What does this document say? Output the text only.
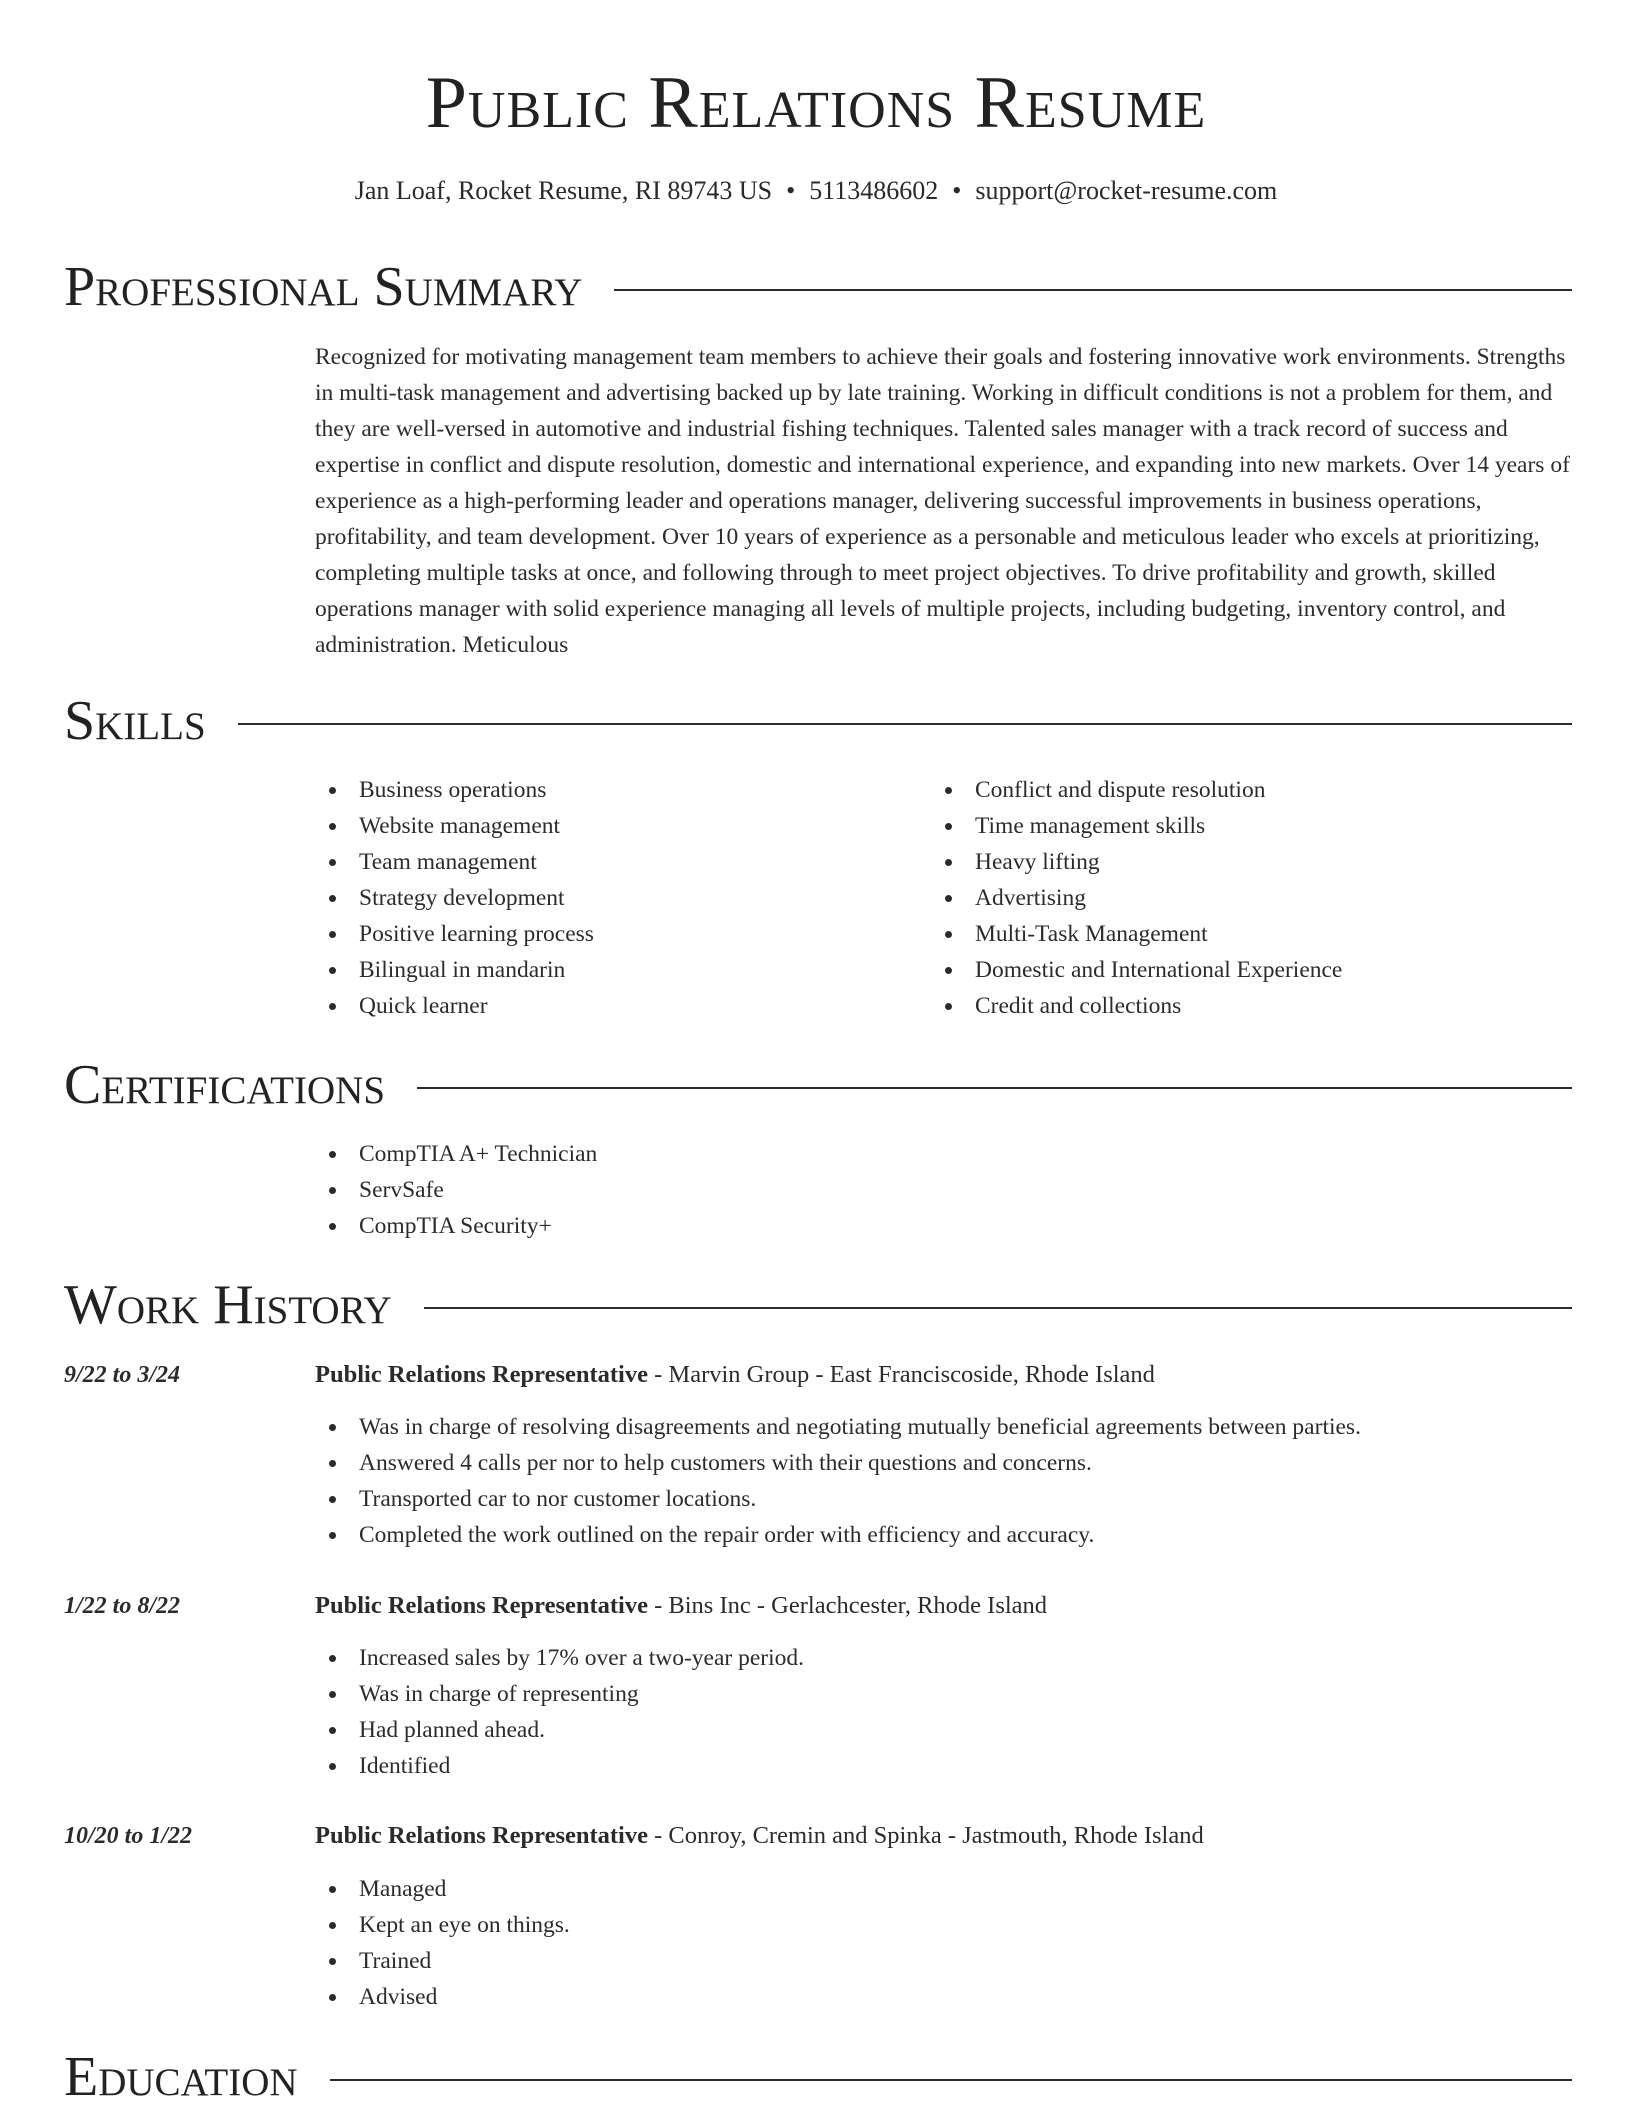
Public Relations Resume
Jan Loaf, Rocket Resume, RI 89743 US • 5113486602 • support@rocket-resume.com
Professional Summary

Recognized for motivating management team members to achieve their goals and fostering innovative work environments. Strengths in multi-task management and advertising backed up by late training. Working in difficult conditions is not a problem for them, and they are well-versed in automotive and industrial fishing techniques. Talented sales manager with a track record of success and expertise in conflict and dispute resolution, domestic and international experience, and expanding into new markets. Over 14 years of experience as a high-performing leader and operations manager, delivering successful improvements in business operations, profitability, and team development. Over 10 years of experience as a personable and meticulous leader who excels at prioritizing, completing multiple tasks at once, and following through to meet project objectives. To drive profitability and growth, skilled operations manager with solid experience managing all levels of multiple projects, including budgeting, inventory control, and administration. Meticulous

Skills
Business operations
Website management
Team management
Strategy development
Positive learning process
Bilingual in mandarin
Quick learner
Conflict and dispute resolution
Time management skills
Heavy lifting
Advertising
Multi-Task Management
Domestic and International Experience
Credit and collections
Certifications
CompTIA A+ Technician
ServSafe
CompTIA Security+
Work History
9/22 to 3/24	Public Relations Representative - Marvin Group - East Franciscoside, Rhode Island
Was in charge of resolving disagreements and negotiating mutually beneficial agreements between parties.
Answered 4 calls per nor to help customers with their questions and concerns.
Transported car to nor customer locations.
Completed the work outlined on the repair order with efficiency and accuracy.
1/22 to 8/22	Public Relations Representative - Bins Inc - Gerlachcester, Rhode Island
Increased sales by 17% over a two-year period.
Was in charge of representing
Had planned ahead.
Identified
10/20 to 1/22	Public Relations Representative - Conroy, Cremin and Spinka - Jastmouth, Rhode Island
Managed
Kept an eye on things.
Trained
Advised
Education
